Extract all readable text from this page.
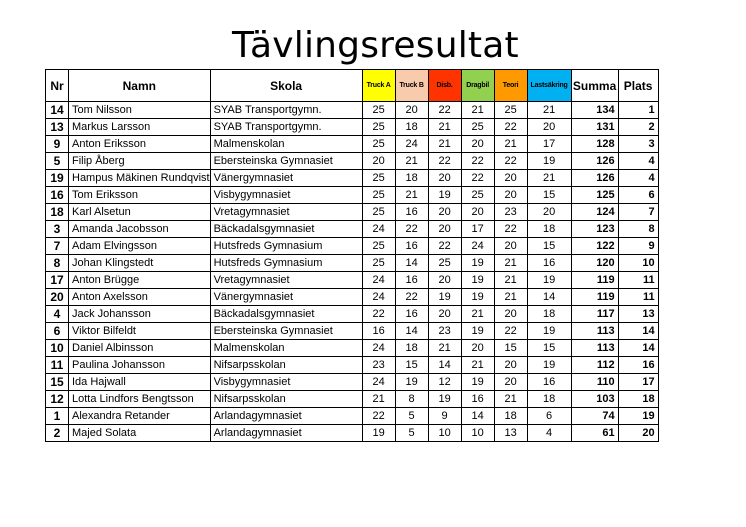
Tävlingsresultat
Nr	Namn	Skola	Truck A	Truck B	Disb.	Dragbil	Teori	Lastsäkring	Summa	Plats
14	Tom Nilsson	SYAB Transportgymn.	25	20	22	21	25	21	134	1
13	Markus Larsson	SYAB Transportgymn.	25	18	21	25	22	20	131	2
9	Anton Eriksson	Malmenskolan	25	24	21	20	21	17	128	3
5	Filip Åberg	Ebersteinska Gymnasiet	20	21	22	22	22	19	126	4
19	Hampus Mäkinen Rundqvist	Vänergymnasiet	25	18	20	22	20	21	126	4
16	Tom Eriksson	Visbygymnasiet	25	21	19	25	20	15	125	6
18	Karl Alsetun	Vretagymnasiet	25	16	20	20	23	20	124	7
3	Amanda Jacobsson	Bäckadalsgymnasiet	24	22	20	17	22	18	123	8
7	Adam Elvingsson	Hutsfreds Gymnasium	25	16	22	24	20	15	122	9
8	Johan Klingstedt	Hutsfreds Gymnasium	25	14	25	19	21	16	120	10
17	Anton Brügge	Vretagymnasiet	24	16	20	19	21	19	119	11
20	Anton Axelsson	Vänergymnasiet	24	22	19	19	21	14	119	11
4	Jack Johansson	Bäckadalsgymnasiet	22	16	20	21	20	18	117	13
6	Viktor Bilfeldt	Ebersteinska Gymnasiet	16	14	23	19	22	19	113	14
10	Daniel Albinsson	Malmenskolan	24	18	21	20	15	15	113	14
11	Paulina Johansson	Nifsarpsskolan	23	15	14	21	20	19	112	16
15	Ida Hajwall	Visbygymnasiet	24	19	12	19	20	16	110	17
12	Lotta Lindfors Bengtsson	Nifsarpsskolan	21	8	19	16	21	18	103	18
1	Alexandra Retander	Arlandagymnasiet	22	5	9	14	18	6	74	19
2	Majed Solata	Arlandagymnasiet	19	5	10	10	13	4	61	20
